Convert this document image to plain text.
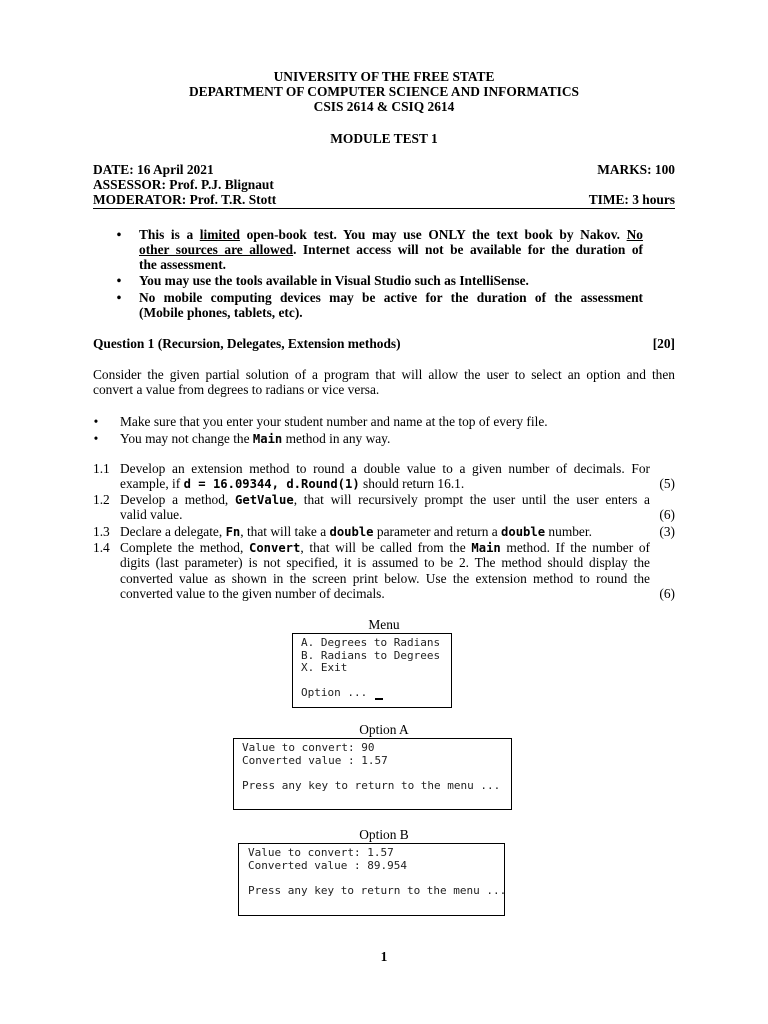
UNIVERSITY OF THE FREE STATE
DEPARTMENT OF COMPUTER SCIENCE AND INFORMATICS
CSIS 2614 & CSIQ 2614
MODULE TEST 1
DATE: 16 April 2021	MARKS: 100
ASSESSOR: Prof. P.J. Blignaut
MODERATOR: Prof. T.R. Stott	TIME: 3 hours
• This is a limited open-book test. You may use ONLY the text book by Nakov. No
other sources are allowed. Internet access will not be available for the duration of
the assessment.
• You may use the tools available in Visual Studio such as IntelliSense.
• No mobile computing devices may be active for the duration of the assessment
(Mobile phones, tablets, etc).
Question 1 (Recursion, Delegates, Extension methods)	[20]
Consider the given partial solution of a program that will allow the user to select an option and then
convert a value from degrees to radians or vice versa.
• Make sure that you enter your student number and name at the top of every file.
• You may not change the Main method in any way.
1.1 Develop an extension method to round a double value to a given number of decimals. For
example, if d = 16.09344, d.Round(1) should return 16.1.	(5)
1.2 Develop a method, GetValue, that will recursively prompt the user until the user enters a
valid value.	(6)
1.3 Declare a delegate, Fn, that will take a double parameter and return a double number.	(3)
1.4 Complete the method, Convert, that will be called from the Main method. If the number of
digits (last parameter) is not specified, it is assumed to be 2. The method should display the
converted value as shown in the screen print below. Use the extension method to round the
converted value to the given number of decimals.	(6)
Menu
A. Degrees to Radians
B. Radians to Degrees
X. Exit

Option ...
Option A
Value to convert: 90
Converted value : 1.57

Press any key to return to the menu ...
Option B
Value to convert: 1.57
Converted value : 89.954

Press any key to return to the menu ...
1
